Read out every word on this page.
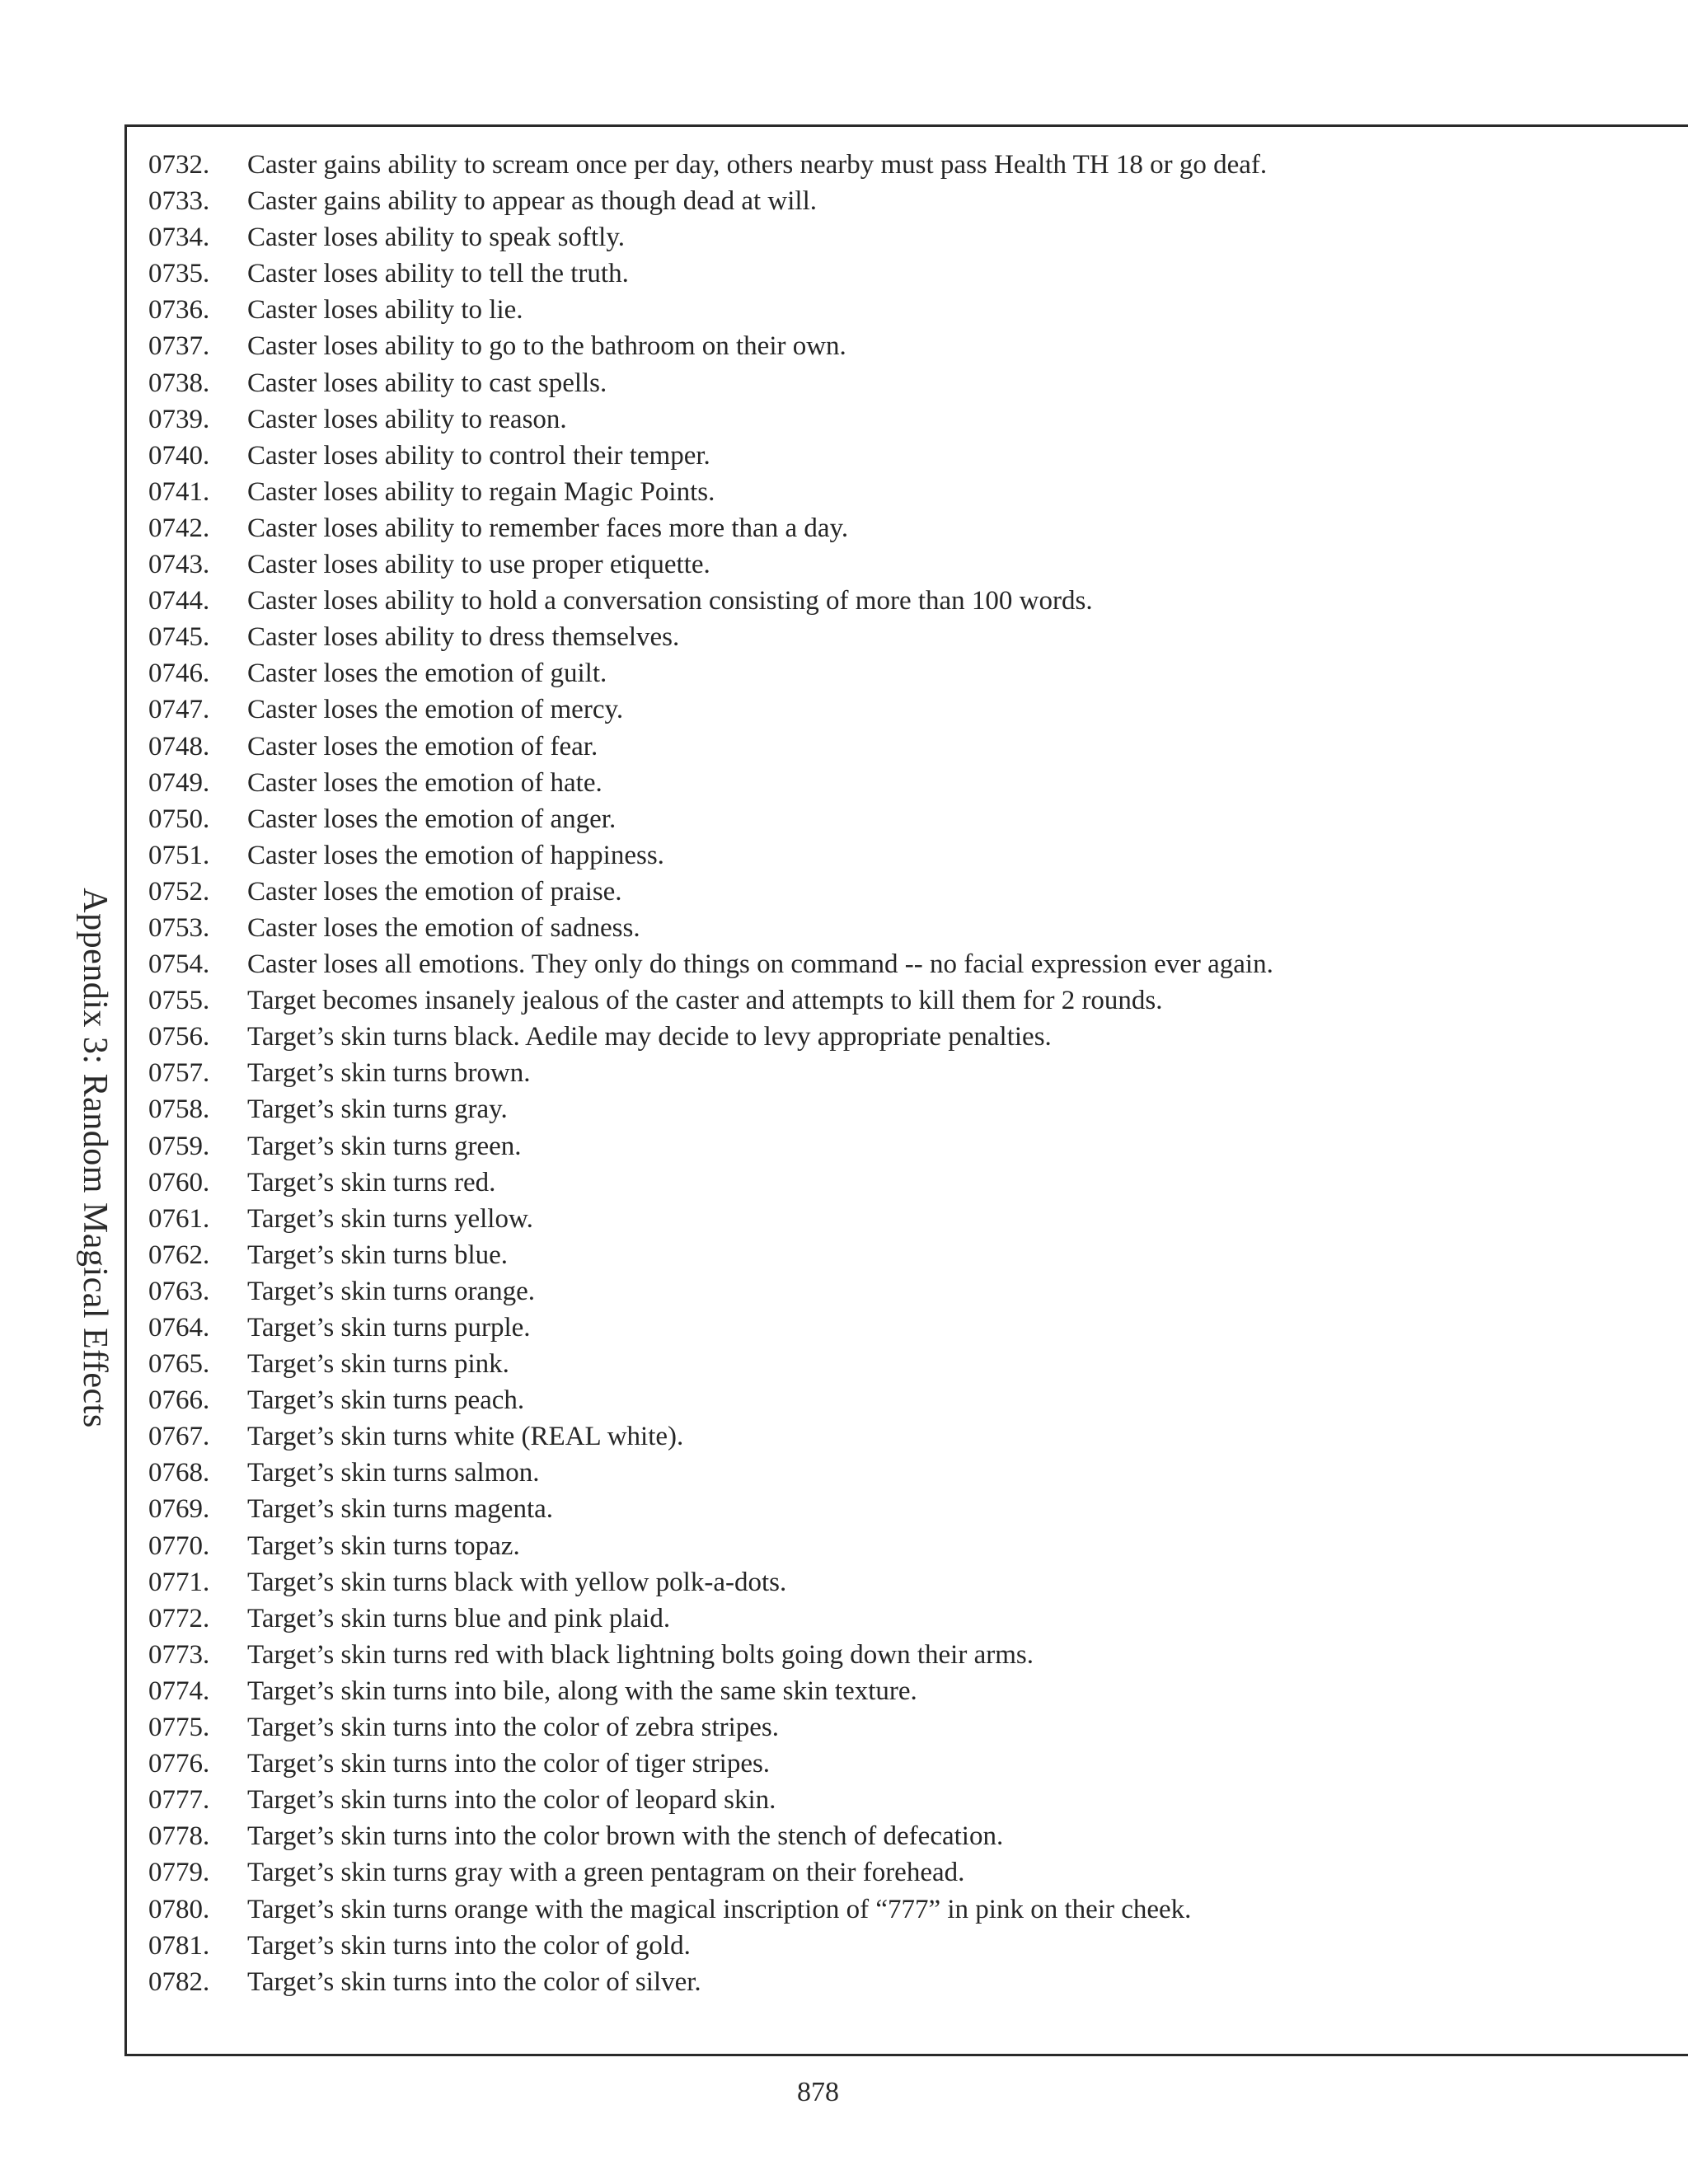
Appendix 3: Random Magical Effects
0732.	Caster gains ability to scream once per day, others nearby must pass Health TH 18 or go deaf.
0733.	Caster gains ability to appear as though dead at will.
0734.	Caster loses ability to speak softly.
0735.	Caster loses ability to tell the truth.
0736.	Caster loses ability to lie.
0737.	Caster loses ability to go to the bathroom on their own.
0738.	Caster loses ability to cast spells.
0739.	Caster loses ability to reason.
0740.	Caster loses ability to control their temper.
0741.	Caster loses ability to regain Magic Points.
0742.	Caster loses ability to remember faces more than a day.
0743.	Caster loses ability to use proper etiquette.
0744.	Caster loses ability to hold a conversation consisting of more than 100 words.
0745.	Caster loses ability to dress themselves.
0746.	Caster loses the emotion of guilt.
0747.	Caster loses the emotion of mercy.
0748.	Caster loses the emotion of fear.
0749.	Caster loses the emotion of hate.
0750.	Caster loses the emotion of anger.
0751.	Caster loses the emotion of happiness.
0752.	Caster loses the emotion of praise.
0753.	Caster loses the emotion of sadness.
0754.	Caster loses all emotions. They only do things on command -- no facial expression ever again.
0755.	Target becomes insanely jealous of the caster and attempts to kill them for 2 rounds.
0756.	Target’s skin turns black. Aedile may decide to levy appropriate penalties.
0757.	Target’s skin turns brown.
0758.	Target’s skin turns gray.
0759.	Target’s skin turns green.
0760.	Target’s skin turns red.
0761.	Target’s skin turns yellow.
0762.	Target’s skin turns blue.
0763.	Target’s skin turns orange.
0764.	Target’s skin turns purple.
0765.	Target’s skin turns pink.
0766.	Target’s skin turns peach.
0767.	Target’s skin turns white (REAL white).
0768.	Target’s skin turns salmon.
0769.	Target’s skin turns magenta.
0770.	Target’s skin turns topaz.
0771.	Target’s skin turns black with yellow polk-a-dots.
0772.	Target’s skin turns blue and pink plaid.
0773.	Target’s skin turns red with black lightning bolts going down their arms.
0774.	Target’s skin turns into bile, along with the same skin texture.
0775.	Target’s skin turns into the color of zebra stripes.
0776.	Target’s skin turns into the color of tiger stripes.
0777.	Target’s skin turns into the color of leopard skin.
0778.	Target’s skin turns into the color brown with the stench of defecation.
0779.	Target’s skin turns gray with a green pentagram on their forehead.
0780.	Target’s skin turns orange with the magical inscription of “777” in pink on their cheek.
0781.	Target’s skin turns into the color of gold.
0782.	Target’s skin turns into the color of silver.
878
